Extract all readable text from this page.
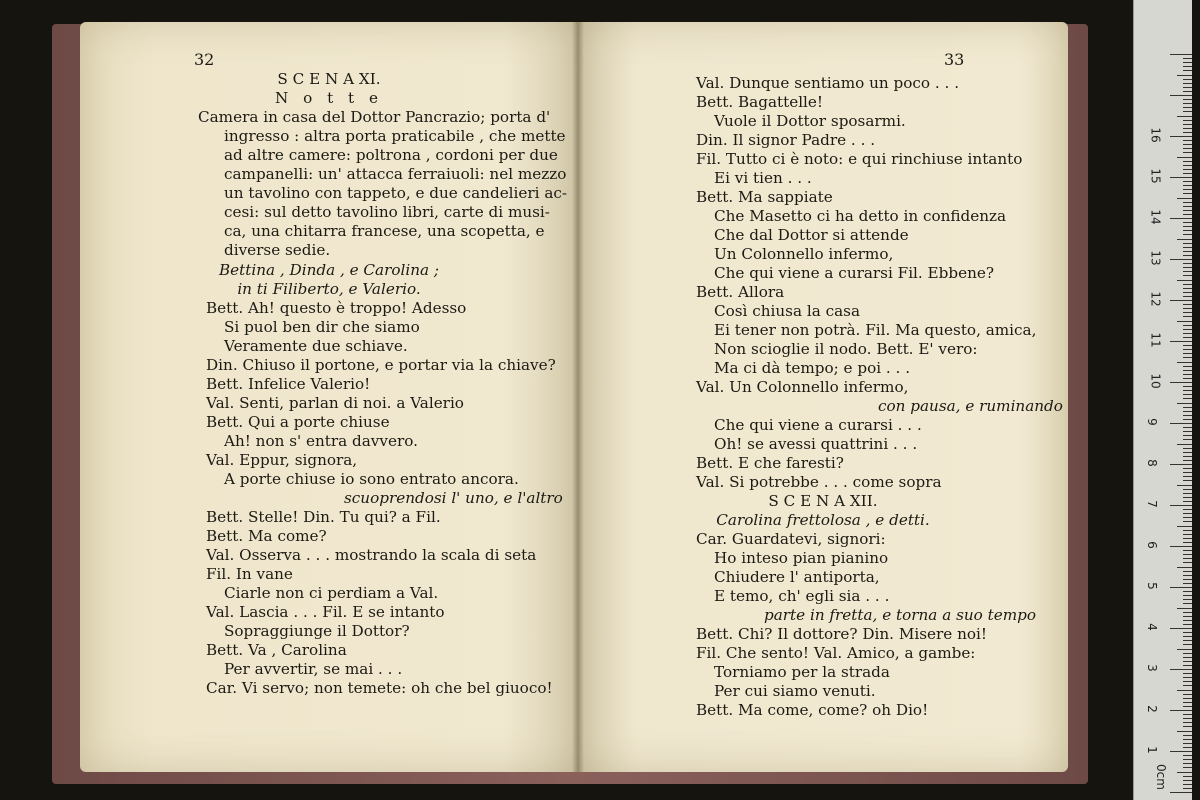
32
S C E N A XI.
N o t t e
Camera in casa del Dottor Pancrazio; porta d'
ingresso : altra porta praticabile , che mette
ad altre camere: poltrona , cordoni per due
campanelli: un' attacca ferraiuoli: nel mezzo
un tavolino con tappeto, e due candelieri ac-
cesi: sul detto tavolino libri, carte di musi-
ca, una chitarra francese, una scopetta, e
diverse sedie.
Bettina , Dinda , e Carolina ;
in ti Filiberto, e Valerio.
Bett. Ah! questo è troppo! Adesso
Si puol ben dir che siamo
Veramente due schiave.
Din. Chiuso il portone, e portar via la chiave?
Bett. Infelice Valerio!
Val. Senti, parlan di noi. a Valerio
Bett. Qui a porte chiuse
Ah! non s' entra davvero.
Val. Eppur, signora,
A porte chiuse io sono entrato ancora.
scuoprendosi l' uno, e l'altro
Bett. Stelle! Din. Tu qui? a Fil.
Bett. Ma come?
Val. Osserva . . . mostrando la scala di seta
Fil. In vane
Ciarle non ci perdiam a Val.
Val. Lascia . . . Fil. E se intanto
Sopraggiunge il Dottor?
Bett. Va , Carolina
Per avvertir, se mai . . .
Car. Vi servo; non temete: oh che bel giuoco!
33
Val. Dunque sentiamo un poco . . .
Bett. Bagattelle!
Vuole il Dottor sposarmi.
Din. Il signor Padre . . .
Fil. Tutto ci è noto: e qui rinchiuse intanto
Ei vi tien . . .
Bett. Ma sappiate
Che Masetto ci ha detto in confidenza
Che dal Dottor si attende
Un Colonnello infermo,
Che qui viene a curarsi Fil. Ebbene?
Bett. Allora
Così chiusa la casa
Ei tener non potrà. Fil. Ma questo, amica,
Non scioglie il nodo. Bett. E' vero:
Ma ci dà tempo; e poi . . .
Val. Un Colonnello infermo,
con pausa, e ruminando
Che qui viene a curarsi . . .
Oh! se avessi quattrini . . .
Bett. E che faresti?
Val. Si potrebbe . . . come sopra
S C E N A XII.
Carolina frettolosa , e detti.
Car. Guardatevi, signori:
Ho inteso pian pianino
Chiudere l' antiporta,
E temo, ch' egli sia . . .
parte in fretta, e torna a suo tempo
Bett. Chi? Il dottore? Din. Misere noi!
Fil. Che sento! Val. Amico, a gambe:
Torniamo per la strada
Per cui siamo venuti.
Bett. Ma come, come? oh Dio!
1
2
3
4
5
6
7
8
9
10
11
12
13
14
15
16
0cm
